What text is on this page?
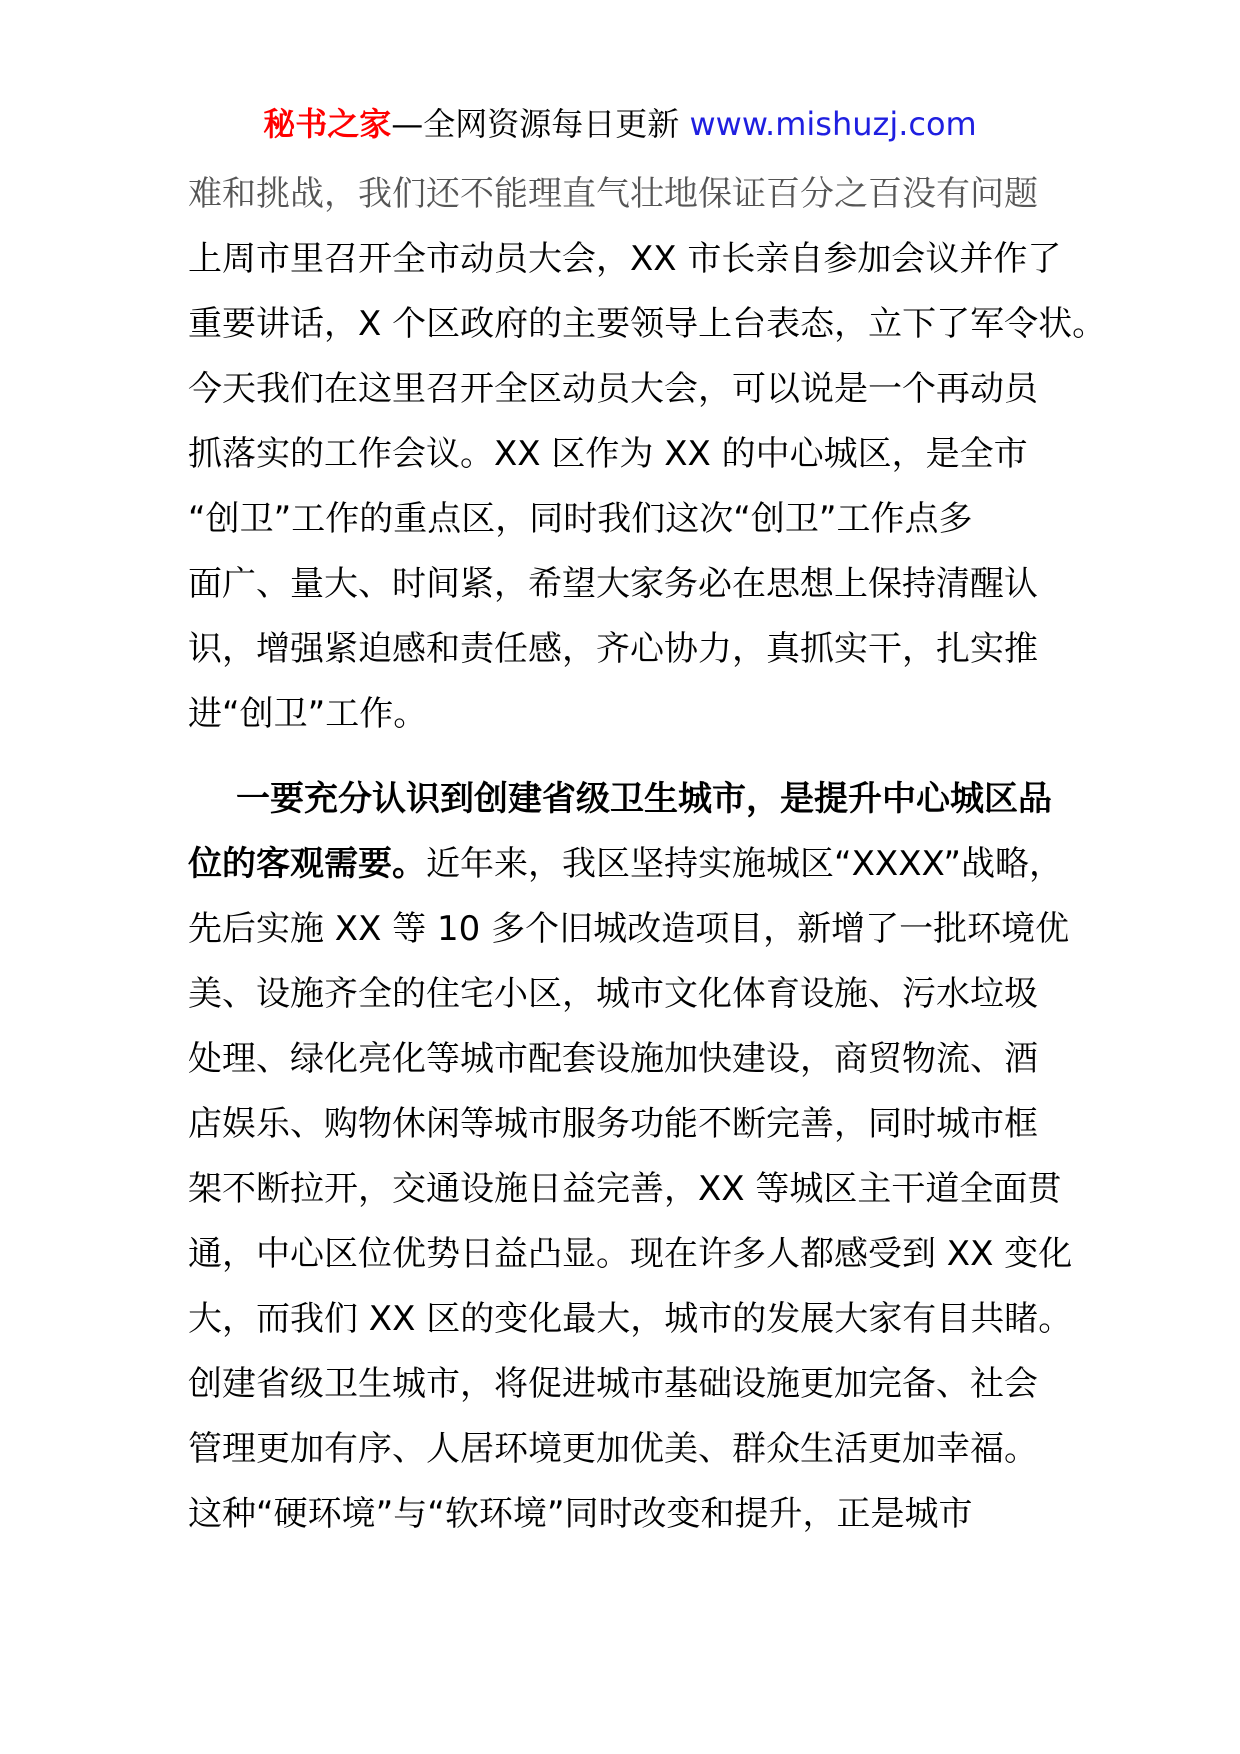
秘书之家—全网资源每日更新 www.mishuzj.com
难和挑战，我们还不能理直气壮地保证百分之百没有问题
上周市里召开全市动员大会，XX 市长亲自参加会议并作了
重要讲话，X 个区政府的主要领导上台表态，立下了军令状。
今天我们在这里召开全区动员大会，可以说是一个再动员
抓落实的工作会议。XX 区作为 XX 的中心城区，是全市
“创卫”工作的重点区，同时我们这次“创卫”工作点多
面广、量大、时间紧，希望大家务必在思想上保持清醒认
识，增强紧迫感和责任感，齐心协力，真抓实干，扎实推
进“创卫”工作。
一要充分认识到创建省级卫生城市，是提升中心城区品
位的客观需要。近年来，我区坚持实施城区“XXXX”战略，
先后实施 XX 等 10 多个旧城改造项目，新增了一批环境优
美、设施齐全的住宅小区，城市文化体育设施、污水垃圾
处理、绿化亮化等城市配套设施加快建设，商贸物流、酒
店娱乐、购物休闲等城市服务功能不断完善，同时城市框
架不断拉开，交通设施日益完善，XX 等城区主干道全面贯
通，中心区位优势日益凸显。现在许多人都感受到 XX 变化
大，而我们 XX 区的变化最大，城市的发展大家有目共睹。
创建省级卫生城市，将促进城市基础设施更加完备、社会
管理更加有序、人居环境更加优美、群众生活更加幸福。
这种“硬环境”与“软环境”同时改变和提升，正是城市
